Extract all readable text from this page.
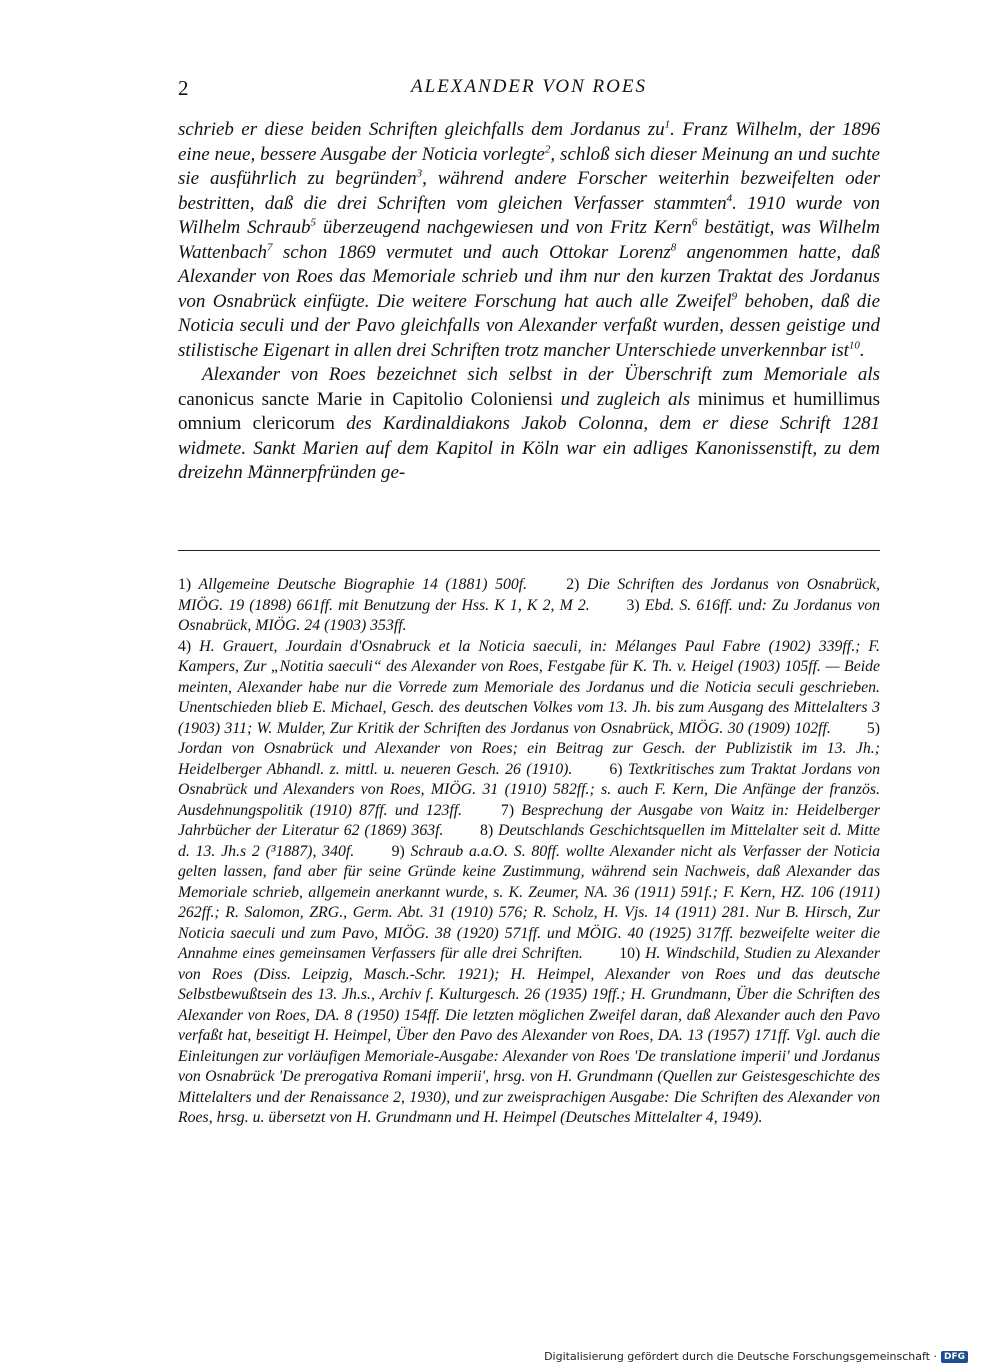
2	ALEXANDER VON ROES

schrieb er diese beiden Schriften gleichfalls dem Jordanus $zu^1$. Franz Wilhelm, der 1896 eine neue, bessere Ausgabe der Noticia vorlegte$^2$, schloß sich dieser Meinung an und suchte sie ausführlich zu begründen$^3$, während andere Forscher weiterhin bezweifelten oder bestritten, daß die drei Schriften vom gleichen Verfasser stammten$^4$. 1910 wurde von Wilhelm Schraub$^5$ überzeugend nachgewiesen und von Fritz Kern$^6$ bestätigt, was Wilhelm Wattenbach$^7$ schon 1869 vermutet und auch Ottokar Lorenz$^8$ angenommen hatte, daß Alexander von Roes das Memoriale schrieb und ihm nur den kurzen Traktat des Jordanus von Osnabrück einfügte. Die weitere Forschung hat auch alle Zweifel$^9$ behoben, daß die Noticia seculi und der Pavo gleichfalls von Alexander verfaßt wurden, dessen geistige und stilistische Eigenart in allen drei Schriften trotz mancher Unterschiede unverkennbar ist$^{10}$.

Alexander von Roes bezeichnet sich selbst in der Überschrift zum Memoriale als canonicus sancte Marie in Capitolio Coloniensi und zugleich als minimus et humillimus omnium clericorum des Kardinaldiakons Jakob Colonna, dem er diese Schrift 1281 widmete. Sankt Marien auf dem Kapitol in Köln war ein adliges Kanonissenstift, zu dem dreizehn Männerpfründen ge-

1) Allgemeine Deutsche Biographie 14 (1881) 500f.   2) Die Schriften des Jordanus von Osnabrück, MIÖG. 19 (1898) 661ff. mit Benutzung der Hss. K 1, K 2, M 2.   3) Ebd. S. 616ff. und: Zu Jordanus von Osnabrück, MIÖG. 24 (1903) 353ff.
4) H. Grauert, Jourdain d'Osnabruck et la Noticia saeculi, in: Mélanges Paul Fabre (1902) 339ff.; F. Kampers, Zur „Notitia saeculi“ des Alexander von Roes, Festgabe für K. Th. v. Heigel (1903) 105ff. — Beide meinten, Alexander habe nur die Vorrede zum Memoriale des Jordanus und die Noticia seculi geschrieben. Unentschieden blieb E. Michael, Gesch. des deutschen Volkes vom 13. Jh. bis zum Ausgang des Mittelalters 3 (1903) 311; W. Mulder, Zur Kritik der Schriften des Jordanus von Osnabrück, MIÖG. 30 (1909) 102ff.   5) Jordan von Osnabrück und Alexander von Roes; ein Beitrag zur Gesch. der Publizistik im 13. Jh.; Heidelberger Abhandl. z. mittl. u. neueren Gesch. 26 (1910).   6) Textkritisches zum Traktat Jordans von Osnabrück und Alexanders von Roes, MIÖG. 31 (1910) 582ff.; s. auch F. Kern, Die Anfänge der französ. Ausdehnungspolitik (1910) 87ff. und 123ff.   7) Besprechung der Ausgabe von Waitz in: Heidelberger Jahrbücher der Literatur 62 (1869) 363f.   8) Deutschlands Geschichtsquellen im Mittelalter seit d. Mitte d. 13. Jh.s 2 (³1887), 340f.   9) Schraub a.a.O. S. 80ff. wollte Alexander nicht als Verfasser der Noticia gelten lassen, fand aber für seine Gründe keine Zustimmung, während sein Nachweis, daß Alexander das Memoriale schrieb, allgemein anerkannt wurde, s. K. Zeumer, NA. 36 (1911) 591f.; F. Kern, HZ. 106 (1911) 262ff.; R. Salomon, ZRG., Germ. Abt. 31 (1910) 576; R. Scholz, H. Vjs. 14 (1911) 281. Nur B. Hirsch, Zur Noticia saeculi und zum Pavo, MIÖG. 38 (1920) 571ff. und MÖIG. 40 (1925) 317ff. bezweifelte weiter die Annahme eines gemeinsamen Verfassers für alle drei Schriften.   10) H. Windschild, Studien zu Alexander von Roes (Diss. Leipzig, Masch.-Schr. 1921); H. Heimpel, Alexander von Roes und das deutsche Selbstbewußtsein des 13. Jh.s., Archiv f. Kulturgesch. 26 (1935) 19ff.; H. Grundmann, Über die Schriften des Alexander von Roes, DA. 8 (1950) 154ff. Die letzten möglichen Zweifel daran, daß Alexander auch den Pavo verfaßt hat, beseitigt H. Heimpel, Über den Pavo des Alexander von Roes, DA. 13 (1957) 171ff. Vgl. auch die Einleitungen zur vorläufigen Memoriale-Ausgabe: Alexander von Roes 'De translatione imperii' und Jordanus von Osnabrück 'De prerogativa Romani imperii', hrsg. von H. Grundmann (Quellen zur Geistesgeschichte des Mittelalters und der Renaissance 2, 1930), und zur zweisprachigen Ausgabe: Die Schriften des Alexander von Roes, hrsg. u. übersetzt von H. Grundmann und H. Heimpel (Deutsches Mittelalter 4, 1949).
Digitalisierung gefördert durch die Deutsche Forschungsgemeinschaft · DFG
